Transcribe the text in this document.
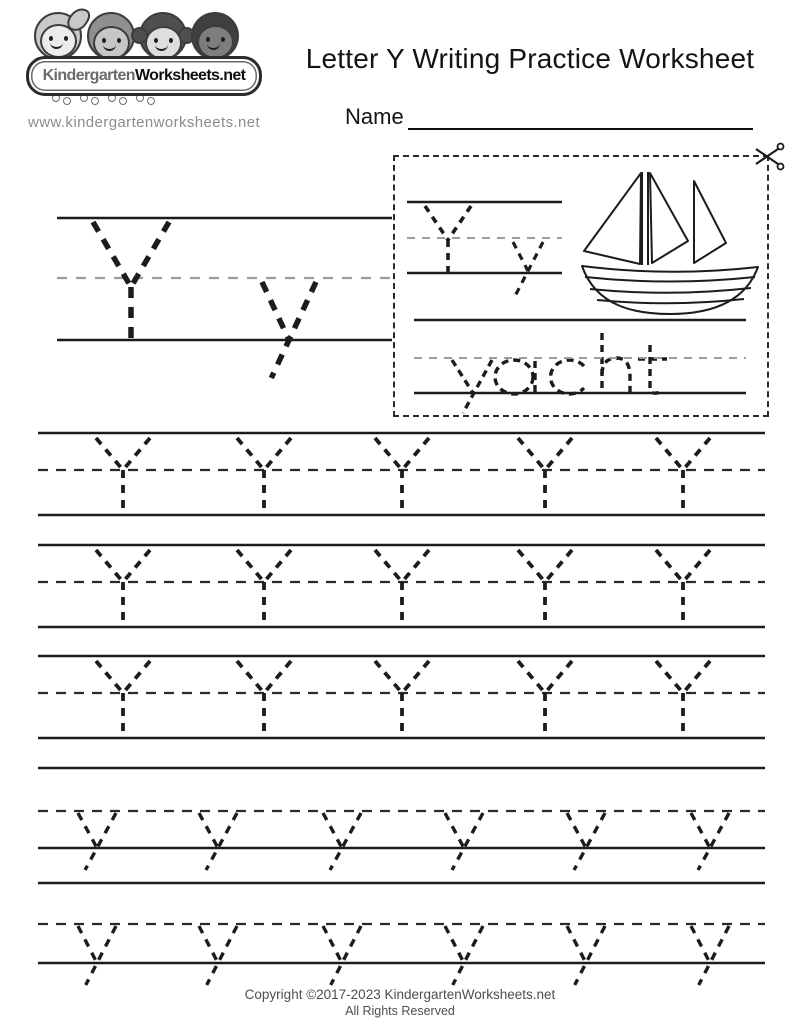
Kindergarten Worksheets.net
www.kindergartenworksheets.net
Letter Y Writing Practice Worksheet
Name
Copyright ©2017-2023 KindergartenWorksheets.net
All Rights Reserved
